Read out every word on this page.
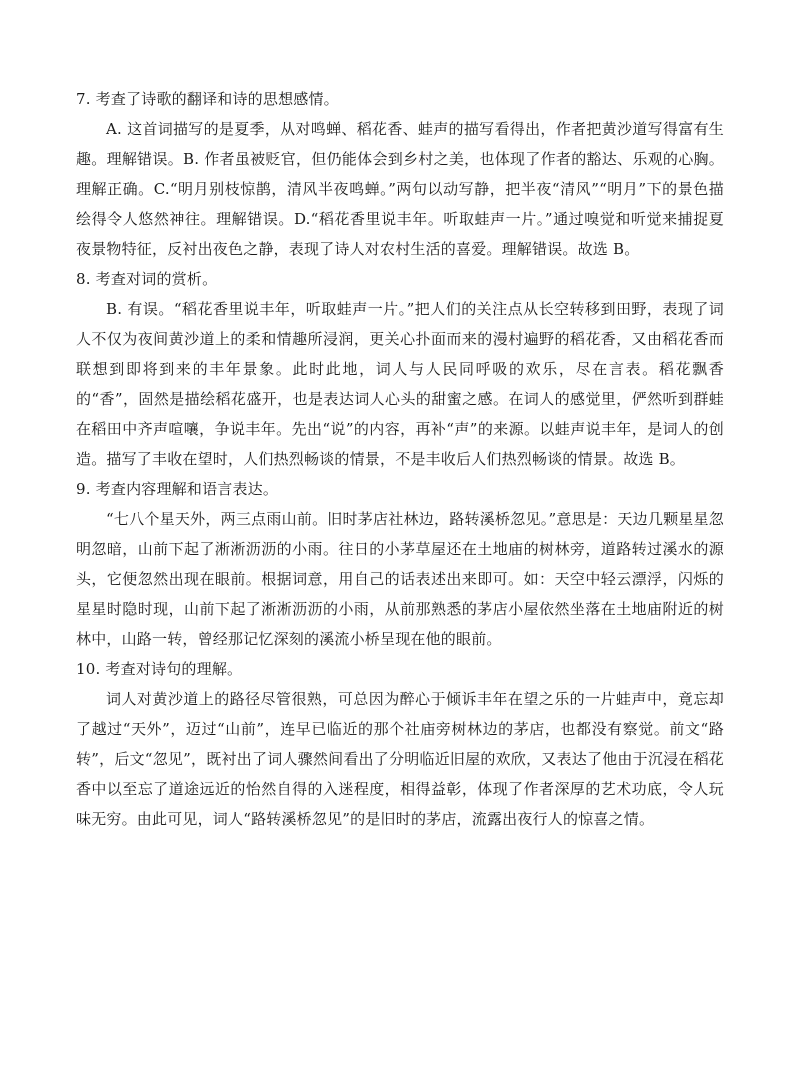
7. 考查了诗歌的翻译和诗的思想感情。

A. 这首词描写的是夏季，从对鸣蝉、稻花香、蛙声的描写看得出，作者把黄沙道写得富有生趣。理解错误。B. 作者虽被贬官，但仍能体会到乡村之美，也体现了作者的豁达、乐观的心胸。理解正确。C.“明月别枝惊鹊，清风半夜鸣蝉。”两句以动写静，把半夜“清风”“明月”下的景色描绘得令人悠然神往。理解错误。D.“稻花香里说丰年。听取蛙声一片。”通过嗅觉和听觉来捕捉夏夜景物特征，反衬出夜色之静，表现了诗人对农村生活的喜爱。理解错误。故选 B。

8. 考查对词的赏析。

B. 有误。“稻花香里说丰年，听取蛙声一片。”把人们的关注点从长空转移到田野，表现了词人不仅为夜间黄沙道上的柔和情趣所浸润，更关心扑面而来的漫村遍野的稻花香，又由稻花香而联想到即将到来的丰年景象。此时此地，词人与人民同呼吸的欢乐，尽在言表。稻花飘香的“香”，固然是描绘稻花盛开，也是表达词人心头的甜蜜之感。在词人的感觉里，俨然听到群蛙在稻田中齐声喧嚷，争说丰年。先出“说”的内容，再补“声”的来源。以蛙声说丰年，是词人的创造。描写了丰收在望时，人们热烈畅谈的情景，不是丰收后人们热烈畅谈的情景。故选 B。

9. 考查内容理解和语言表达。

“七八个星天外，两三点雨山前。旧时茅店社林边，路转溪桥忽见。”意思是：天边几颗星星忽明忽暗，山前下起了淅淅沥沥的小雨。往日的小茅草屋还在土地庙的树林旁，道路转过溪水的源头，它便忽然出现在眼前。根据词意，用自己的话表述出来即可。如：天空中轻云漂浮，闪烁的星星时隐时现，山前下起了淅淅沥沥的小雨，从前那熟悉的茅店小屋依然坐落在土地庙附近的树林中，山路一转，曾经那记忆深刻的溪流小桥呈现在他的眼前。

10. 考查对诗句的理解。

词人对黄沙道上的路径尽管很熟，可总因为醉心于倾诉丰年在望之乐的一片蛙声中，竟忘却了越过“天外”，迈过“山前”，连早已临近的那个社庙旁树林边的茅店，也都没有察觉。前文“路转”，后文“忽见”，既衬出了词人骤然间看出了分明临近旧屋的欢欣，又表达了他由于沉浸在稻花香中以至忘了道途远近的怡然自得的入迷程度，相得益彰，体现了作者深厚的艺术功底，令人玩味无穷。由此可见，词人“路转溪桥忽见”的是旧时的茅店，流露出夜行人的惊喜之情。
